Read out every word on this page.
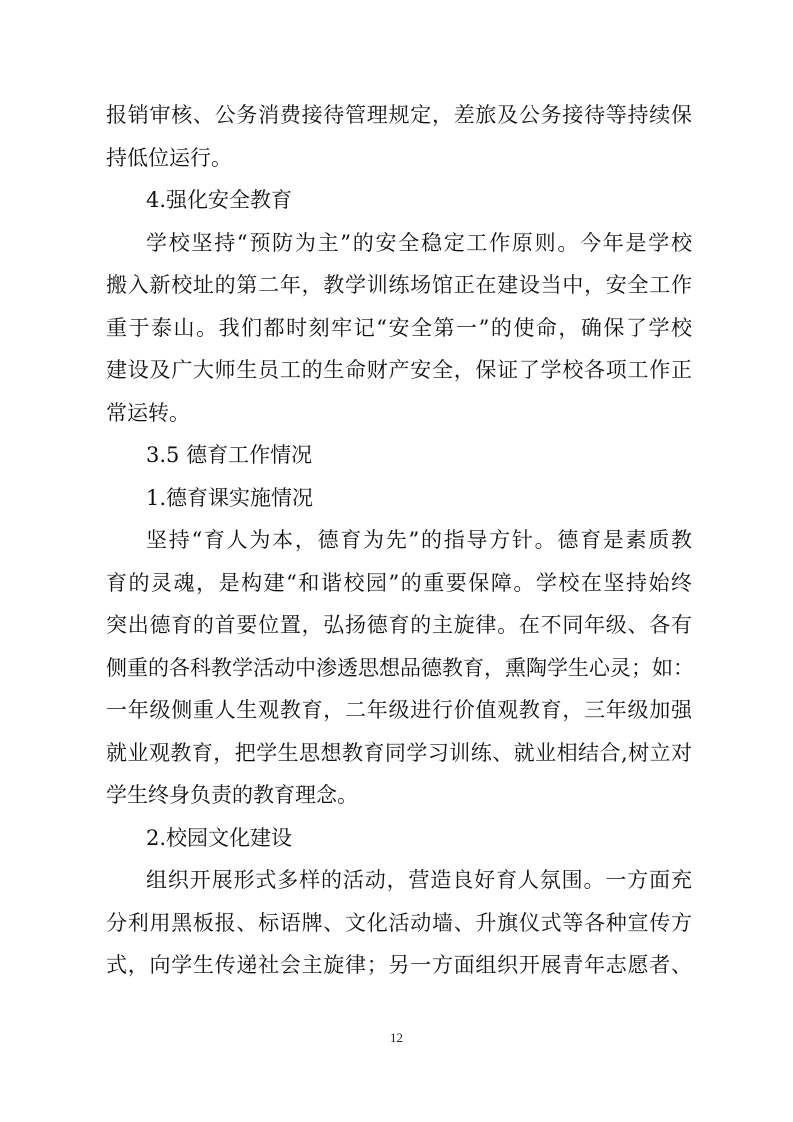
报销审核、公务消费接待管理规定，差旅及公务接待等持续保
持低位运行。
4.强化安全教育
学校坚持“预防为主”的安全稳定工作原则。今年是学校
搬入新校址的第二年，教学训练场馆正在建设当中，安全工作
重于泰山。我们都时刻牢记“安全第一”的使命，确保了学校
建设及广大师生员工的生命财产安全，保证了学校各项工作正
常运转。
3.5 德育工作情况
1.德育课实施情况
坚持“育人为本，德育为先”的指导方针。德育是素质教
育的灵魂，是构建“和谐校园”的重要保障。学校在坚持始终
突出德育的首要位置，弘扬德育的主旋律。在不同年级、各有
侧重的各科教学活动中渗透思想品德教育，熏陶学生心灵；如：
一年级侧重人生观教育，二年级进行价值观教育，三年级加强
就业观教育，把学生思想教育同学习训练、就业相结合,树立对
学生终身负责的教育理念。
2.校园文化建设
组织开展形式多样的活动，营造良好育人氛围。一方面充
分利用黑板报、标语牌、文化活动墙、升旗仪式等各种宣传方
式，向学生传递社会主旋律；另一方面组织开展青年志愿者、
12
